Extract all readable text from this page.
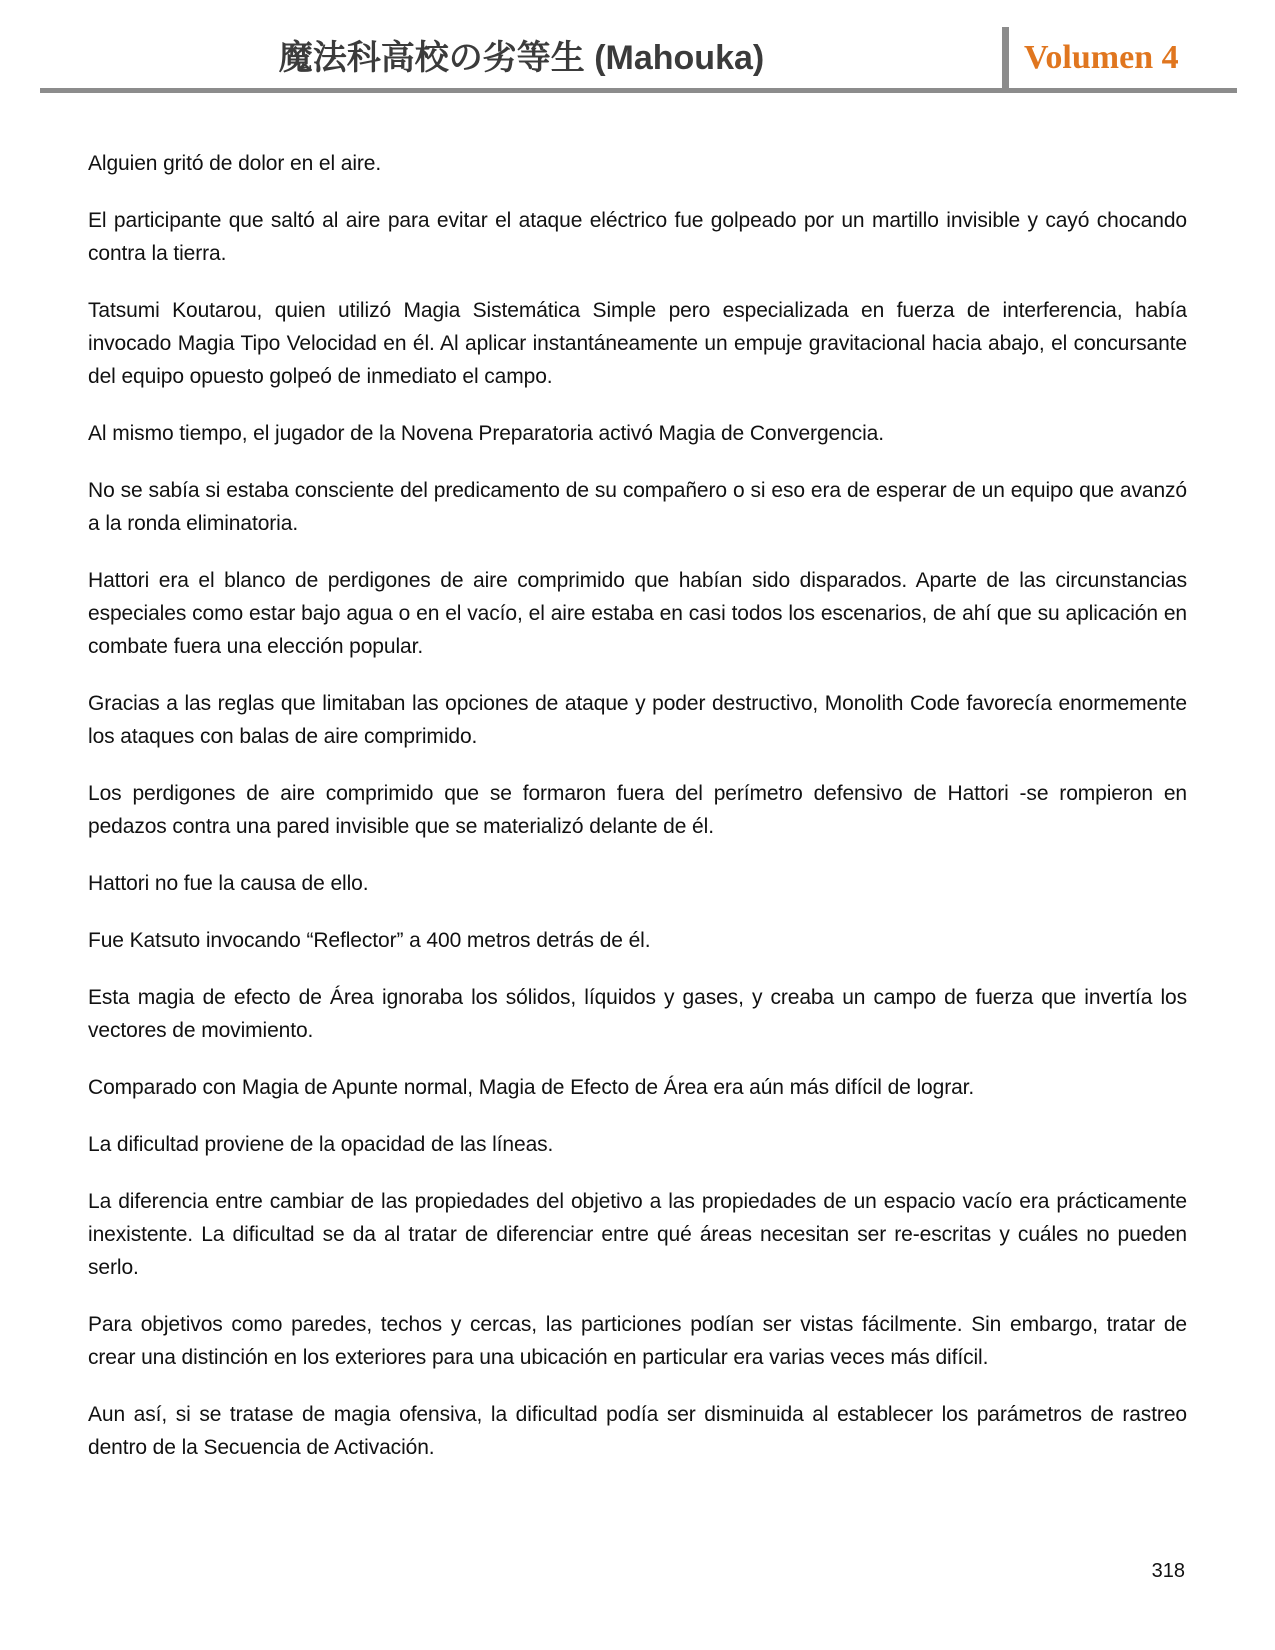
魔法科高校の劣等生 (Mahouka)	Volumen 4

Alguien gritó de dolor en el aire.

El participante que saltó al aire para evitar el ataque eléctrico fue golpeado por un martillo invisible y cayó chocando contra la tierra.

Tatsumi Koutarou, quien utilizó Magia Sistemática Simple pero especializada en fuerza de interferencia, había invocado Magia Tipo Velocidad en él. Al aplicar instantáneamente un empuje gravitacional hacia abajo, el concursante del equipo opuesto golpeó de inmediato el campo.

Al mismo tiempo, el jugador de la Novena Preparatoria activó Magia de Convergencia.

No se sabía si estaba consciente del predicamento de su compañero o si eso era de esperar de un equipo que avanzó a la ronda eliminatoria.

Hattori era el blanco de perdigones de aire comprimido que habían sido disparados. Aparte de las circunstancias especiales como estar bajo agua o en el vacío, el aire estaba en casi todos los escenarios, de ahí que su aplicación en combate fuera una elección popular.

Gracias a las reglas que limitaban las opciones de ataque y poder destructivo, Monolith Code favorecía enormemente los ataques con balas de aire comprimido.

Los perdigones de aire comprimido que se formaron fuera del perímetro defensivo de Hattori -se rompieron en pedazos contra una pared invisible que se materializó delante de él.

Hattori no fue la causa de ello.

Fue Katsuto invocando “Reflector” a 400 metros detrás de él.

Esta magia de efecto de Área ignoraba los sólidos, líquidos y gases, y creaba un campo de fuerza que invertía los vectores de movimiento.

Comparado con Magia de Apunte normal, Magia de Efecto de Área era aún más difícil de lograr.

La dificultad proviene de la opacidad de las líneas.

La diferencia entre cambiar de las propiedades del objetivo a las propiedades de un espacio vacío era prácticamente inexistente. La dificultad se da al tratar de diferenciar entre qué áreas necesitan ser re-escritas y cuáles no pueden serlo.

Para objetivos como paredes, techos y cercas, las particiones podían ser vistas fácilmente. Sin embargo, tratar de crear una distinción en los exteriores para una ubicación en particular era varias veces más difícil.

Aun así, si se tratase de magia ofensiva, la dificultad podía ser disminuida al establecer los parámetros de rastreo dentro de la Secuencia de Activación.

318
